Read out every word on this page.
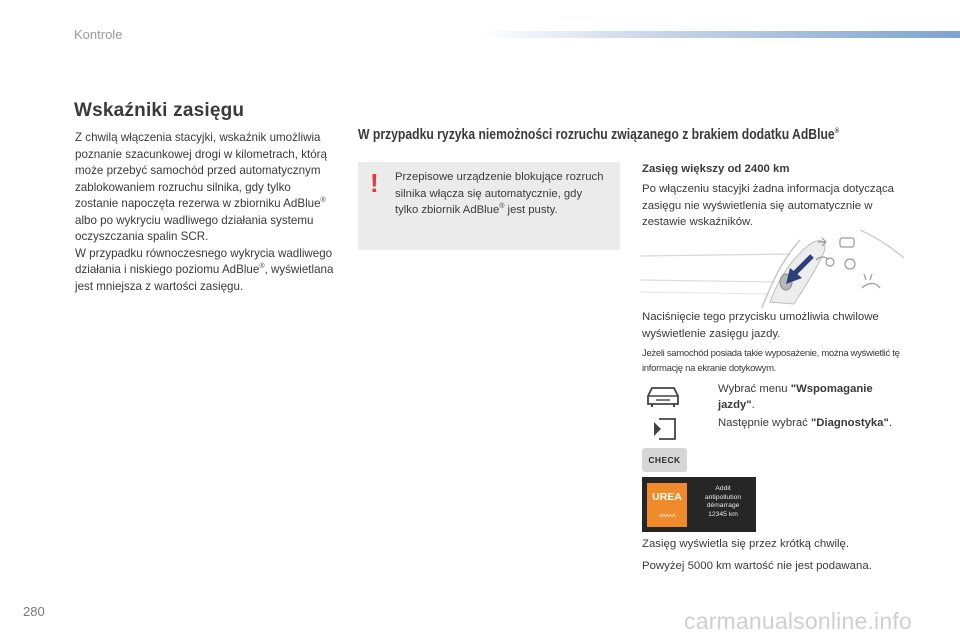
Kontrole
Wskaźniki zasięgu

Z chwilą włączenia stacyjki, wskaźnik umożliwia poznanie szacunkowej drogi w kilometrach, którą może przebyć samochód przed automatycznym zablokowaniem rozruchu silnika, gdy tylko zostanie napoczęta rezerwa w zbiorniku AdBlue® albo po wykryciu wadliwego działania systemu oczyszczania spalin SCR.

W przypadku równoczesnego wykrycia wadliwego działania i niskiego poziomu AdBlue®, wyświetlana jest mniejsza z wartości zasięgu.

W przypadku ryzyka niemożności rozruchu związanego z brakiem dodatku AdBlue®
! Przepisowe urządzenie blokujące rozruch silnika włącza się automatycznie, gdy tylko zbiornik AdBlue® jest pusty.
Zasięg większy od 2400 km
Po włączeniu stacyjki żadna informacja dotycząca zasięgu nie wyświetlenia się automatycznie w zestawie wskaźników.
Naciśnięcie tego przycisku umożliwia chwilowe wyświetlenie zasięgu jazdy.
Jeżeli samochód posiada takie wyposażenie, można wyświetlić tę informację na ekranie dotykowym.
Wybrać menu "Wspomaganie jazdy".
Następnie wybrać "Diagnostyka".
CHECK
UREA
^^^^^
Addit
antipollution
démarrage
12345 km
Zasięg wyświetla się przez krótką chwilę.
Powyżej 5000 km wartość nie jest podawana.
280	carmanualsonline.info
